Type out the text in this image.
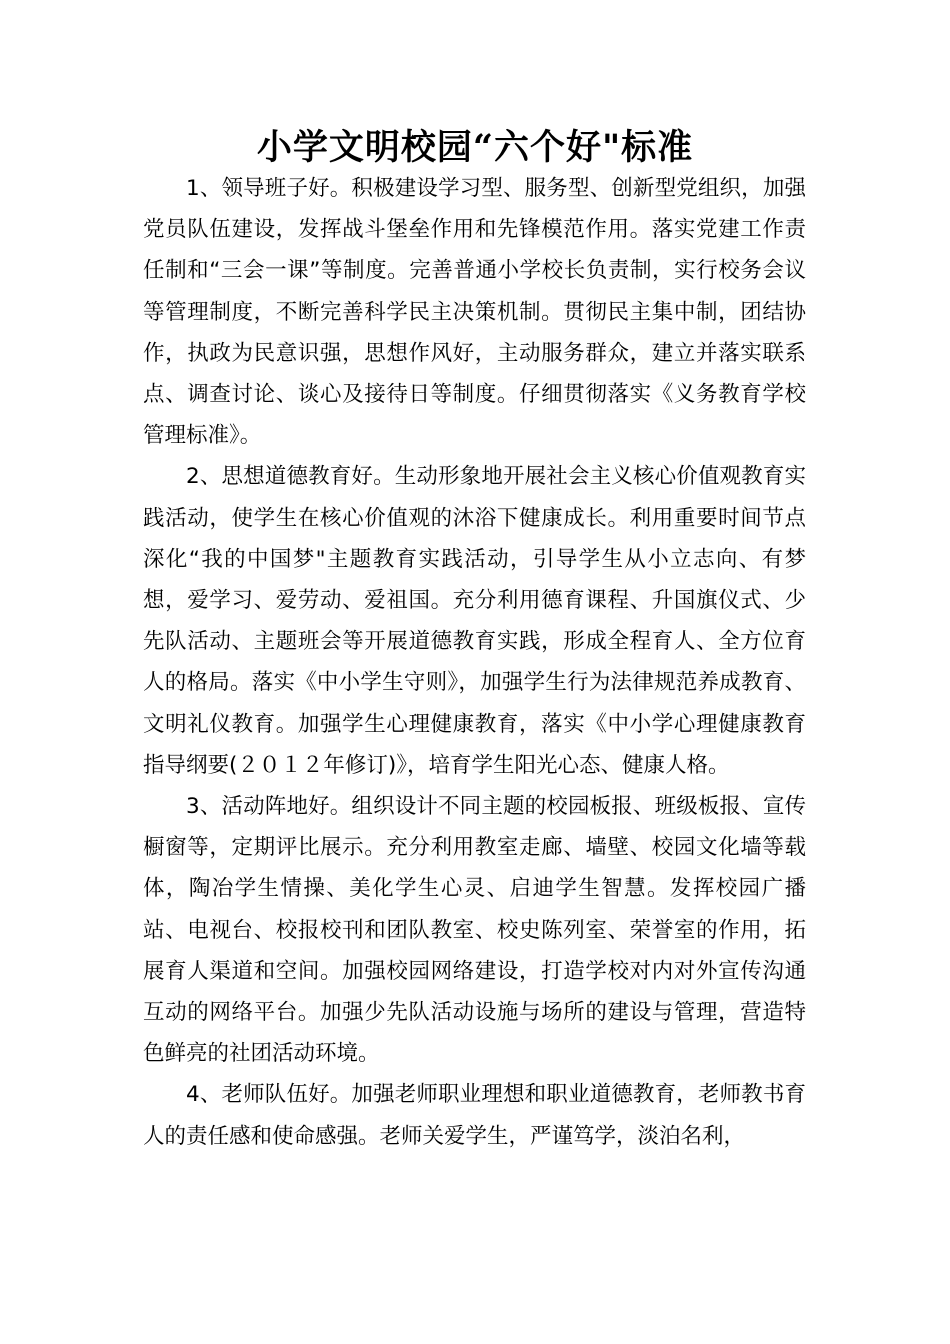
小学文明校园“六个好"标准

1、领导班子好。积极建设学习型、服务型、创新型党组织，加强党员队伍建设，发挥战斗堡垒作用和先锋模范作用。落实党建工作责任制和“三会一课”等制度。完善普通小学校长负责制，实行校务会议等管理制度，不断完善科学民主决策机制。贯彻民主集中制，团结协作，执政为民意识强，思想作风好，主动服务群众，建立并落实联系点、调查讨论、谈心及接待日等制度。仔细贯彻落实《义务教育学校管理标准》。

2、思想道德教育好。生动形象地开展社会主义核心价值观教育实践活动，使学生在核心价值观的沐浴下健康成长。利用重要时间节点深化“我的中国梦"主题教育实践活动，引导学生从小立志向、有梦想，爱学习、爱劳动、爱祖国。充分利用德育课程、升国旗仪式、少先队活动、主题班会等开展道德教育实践，形成全程育人、全方位育人的格局。落实《中小学生守则》，加强学生行为法律规范养成教育、文明礼仪教育。加强学生心理健康教育，落实《中小学心理健康教育指导纲要(２０１２年修订)》，培育学生阳光心态、健康人格。

3、活动阵地好。组织设计不同主题的校园板报、班级板报、宣传橱窗等，定期评比展示。充分利用教室走廊、墙壁、校园文化墙等载体，陶冶学生情操、美化学生心灵、启迪学生智慧。发挥校园广播站、电视台、校报校刊和团队教室、校史陈列室、荣誉室的作用，拓展育人渠道和空间。加强校园网络建设，打造学校对内对外宣传沟通互动的网络平台。加强少先队活动设施与场所的建设与管理，营造特色鲜亮的社团活动环境。

4、老师队伍好。加强老师职业理想和职业道德教育，老师教书育人的责任感和使命感强。老师关爱学生，严谨笃学，淡泊名利，
